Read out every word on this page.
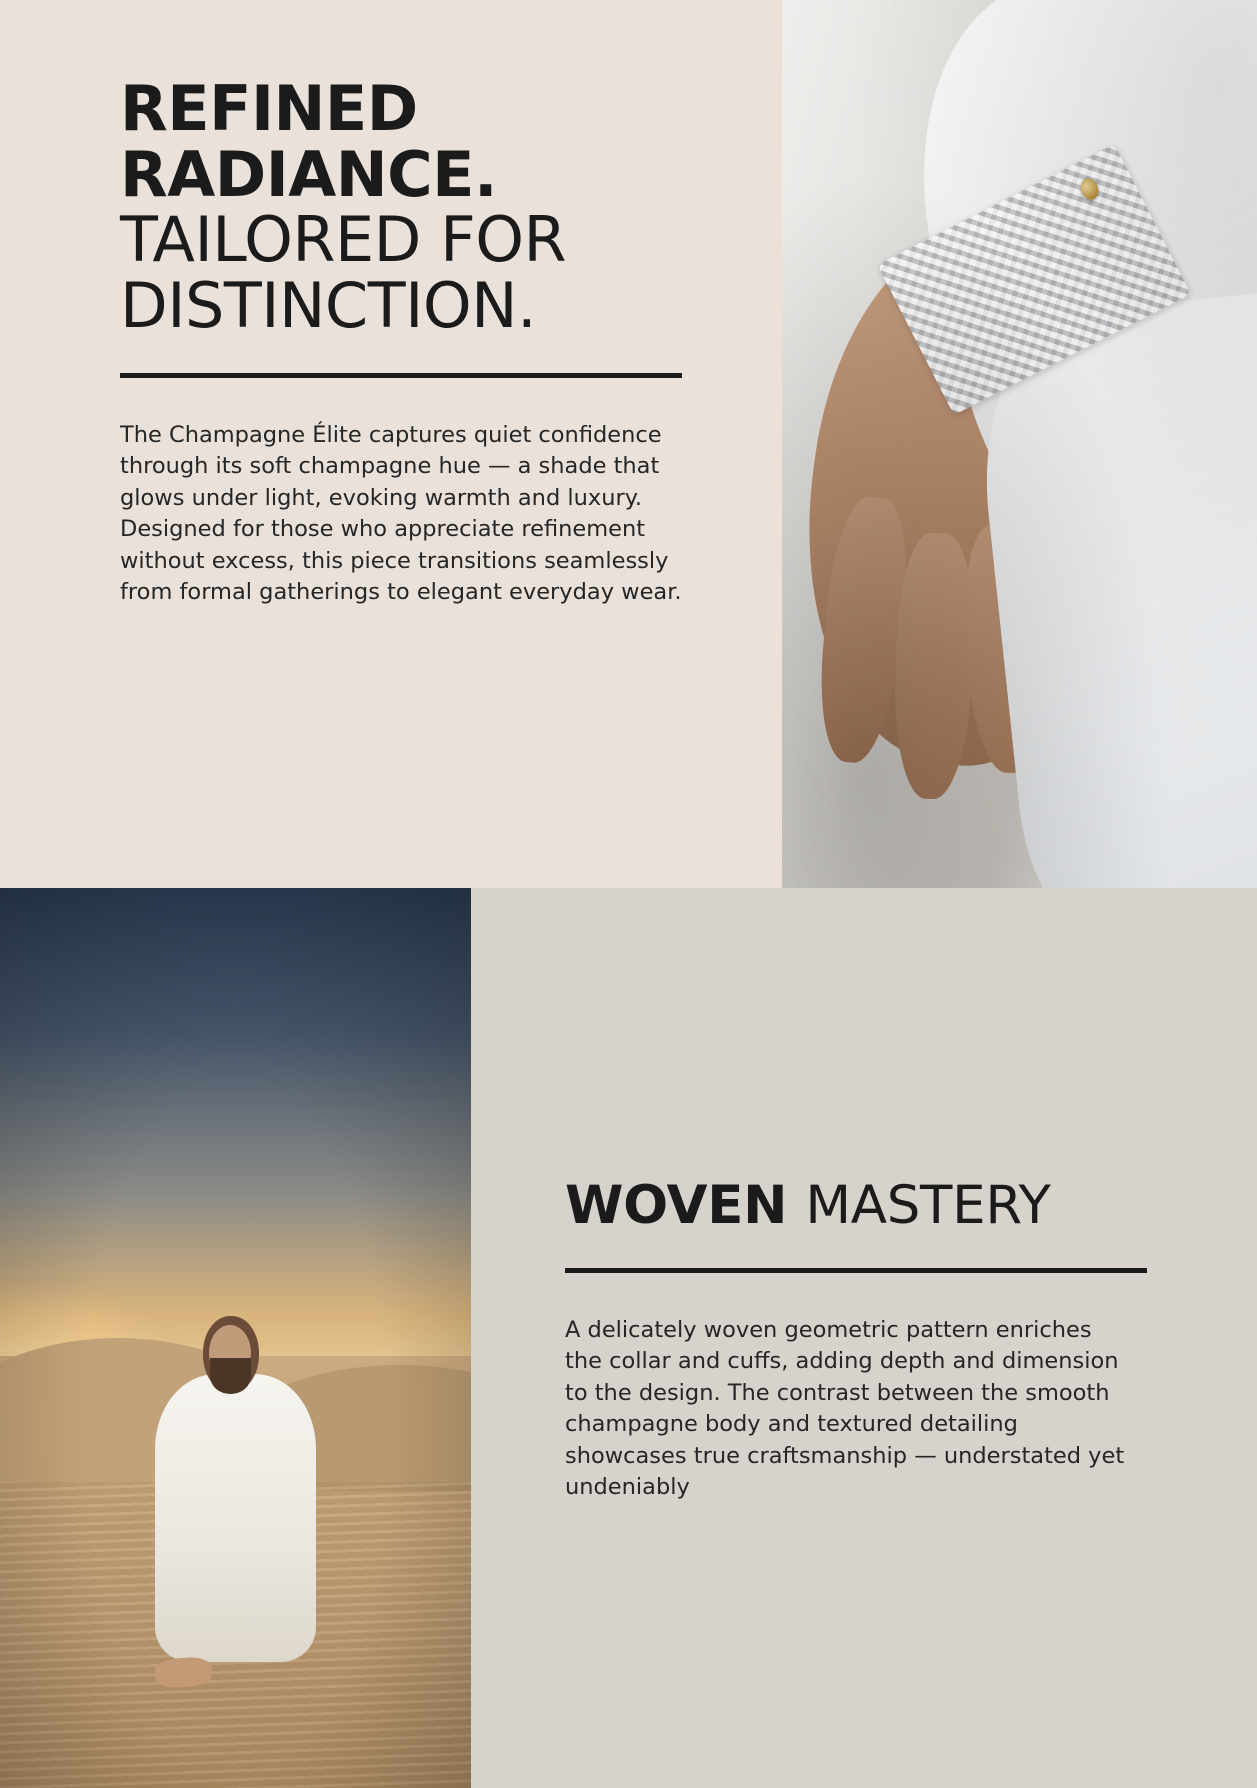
REFINED
RADIANCE.
TAILORED FOR
DISTINCTION.

The Champagne Élite captures quiet confidence through its soft champagne hue — a shade that glows under light, evoking warmth and luxury. Designed for those who appreciate refinement without excess, this piece transitions seamlessly from formal gatherings to elegant everyday wear.

WOVEN MASTERY

A delicately woven geometric pattern enriches the collar and cuffs, adding depth and dimension to the design. The contrast between the smooth champagne body and textured detailing showcases true craftsmanship — understated yet undeniably
